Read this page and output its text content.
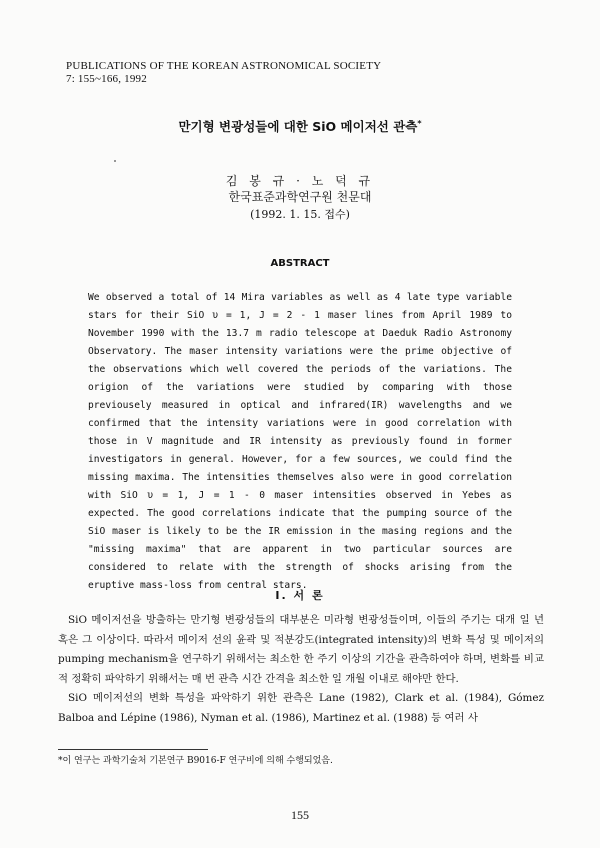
PUBLICATIONS OF THE KOREAN ASTRONOMICAL SOCIETY
7: 155~166, 1992
만기형 변광성들에 대한 SiO 메이저선 관측*
김 봉 규 · 노 덕 규
한국표준과학연구원 천문대
(1992. 1. 15. 접수)
ABSTRACT
We observed a total of 14 Mira variables as well as 4 late type variable stars for their SiO υ = 1, J = 2 - 1 maser lines from April 1989 to November 1990 with the 13.7 m radio telescope at Daeduk Radio Astronomy Observatory. The maser intensity variations were the prime objective of the observations which well covered the periods of the variations. The origion of the variations were studied by comparing with those previousely measured in optical and infrared(IR) wavelengths and we confirmed that the intensity variations were in good correlation with those in V magnitude and IR intensity as previously found in former investigators in general. However, for a few sources, we could find the missing maxima. The intensities themselves also were in good correlation with SiO υ = 1, J = 1 - 0 maser intensities observed in Yebes as expected. The good correlations indicate that the pumping source of the SiO maser is likely to be the IR emission in the masing regions and the "missing maxima" that are apparent in two particular sources are considered to relate with the strength of shocks arising from the eruptive mass-loss from central stars.
I. 서 론

SiO 메이저선을 방출하는 만기형 변광성들의 대부분은 미라형 변광성들이며, 이들의 주기는 대개 일 년 혹은 그 이상이다. 따라서 메이저 선의 윤곽 및 적분강도(integrated intensity)의 변화 특성 및 메이저의 pumping mechanism을 연구하기 위해서는 최소한 한 주기 이상의 기간을 관측하여야 하며, 변화를 비교적 정확히 파악하기 위해서는 매 번 관측 시간 간격을 최소한 일 개월 이내로 해야만 한다.

SiO 메이저선의 변화 특성을 파악하기 위한 관측은 Lane (1982), Clark et al. (1984), Gómez Balboa and Lépine (1986), Nyman et al. (1986), Martinez et al. (1988) 등 여러 사

*이 연구는 과학기술처 기본연구 B9016-F 연구비에 의해 수행되었음.
155
